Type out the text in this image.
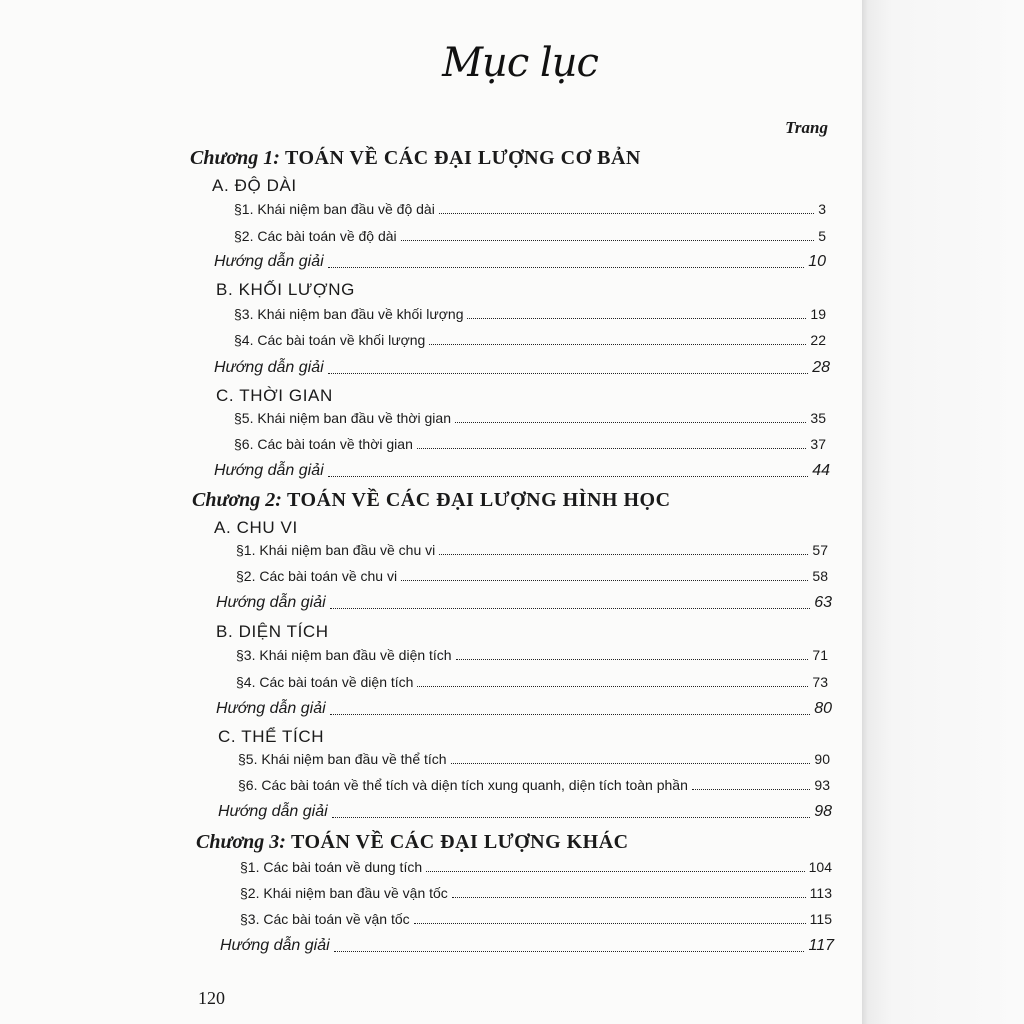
Mục lục
Trang
Chương 1: TOÁN VỀ CÁC ĐẠI LƯỢNG CƠ BẢN
A. ĐỘ DÀI
§1. Khái niệm ban đầu về độ dài	3
§2. Các bài toán về độ dài	5
Hướng dẫn giải	10
B. KHỐI LƯỢNG
§3. Khái niệm ban đầu về khối lượng	19
§4. Các bài toán về khối lượng	22
Hướng dẫn giải	28
C. THỜI GIAN
§5. Khái niệm ban đầu về thời gian	35
§6. Các bài toán về thời gian	37
Hướng dẫn giải	44
Chương 2: TOÁN VỀ CÁC ĐẠI LƯỢNG HÌNH HỌC
A. CHU VI
§1. Khái niệm ban đầu về chu vi	57
§2. Các bài toán về chu vi	58
Hướng dẫn giải	63
B. DIỆN TÍCH
§3. Khái niệm ban đầu về diện tích	71
§4. Các bài toán về diện tích	73
Hướng dẫn giải	80
C. THỂ TÍCH
§5. Khái niệm ban đầu về thể tích	90
§6. Các bài toán về thể tích và diện tích xung quanh, diện tích toàn phần	93
Hướng dẫn giải	98
Chương 3: TOÁN VỀ CÁC ĐẠI LƯỢNG KHÁC
§1. Các bài toán về dung tích	104
§2. Khái niệm ban đầu về vận tốc	113
§3. Các bài toán về vận tốc	115
Hướng dẫn giải	117
120
